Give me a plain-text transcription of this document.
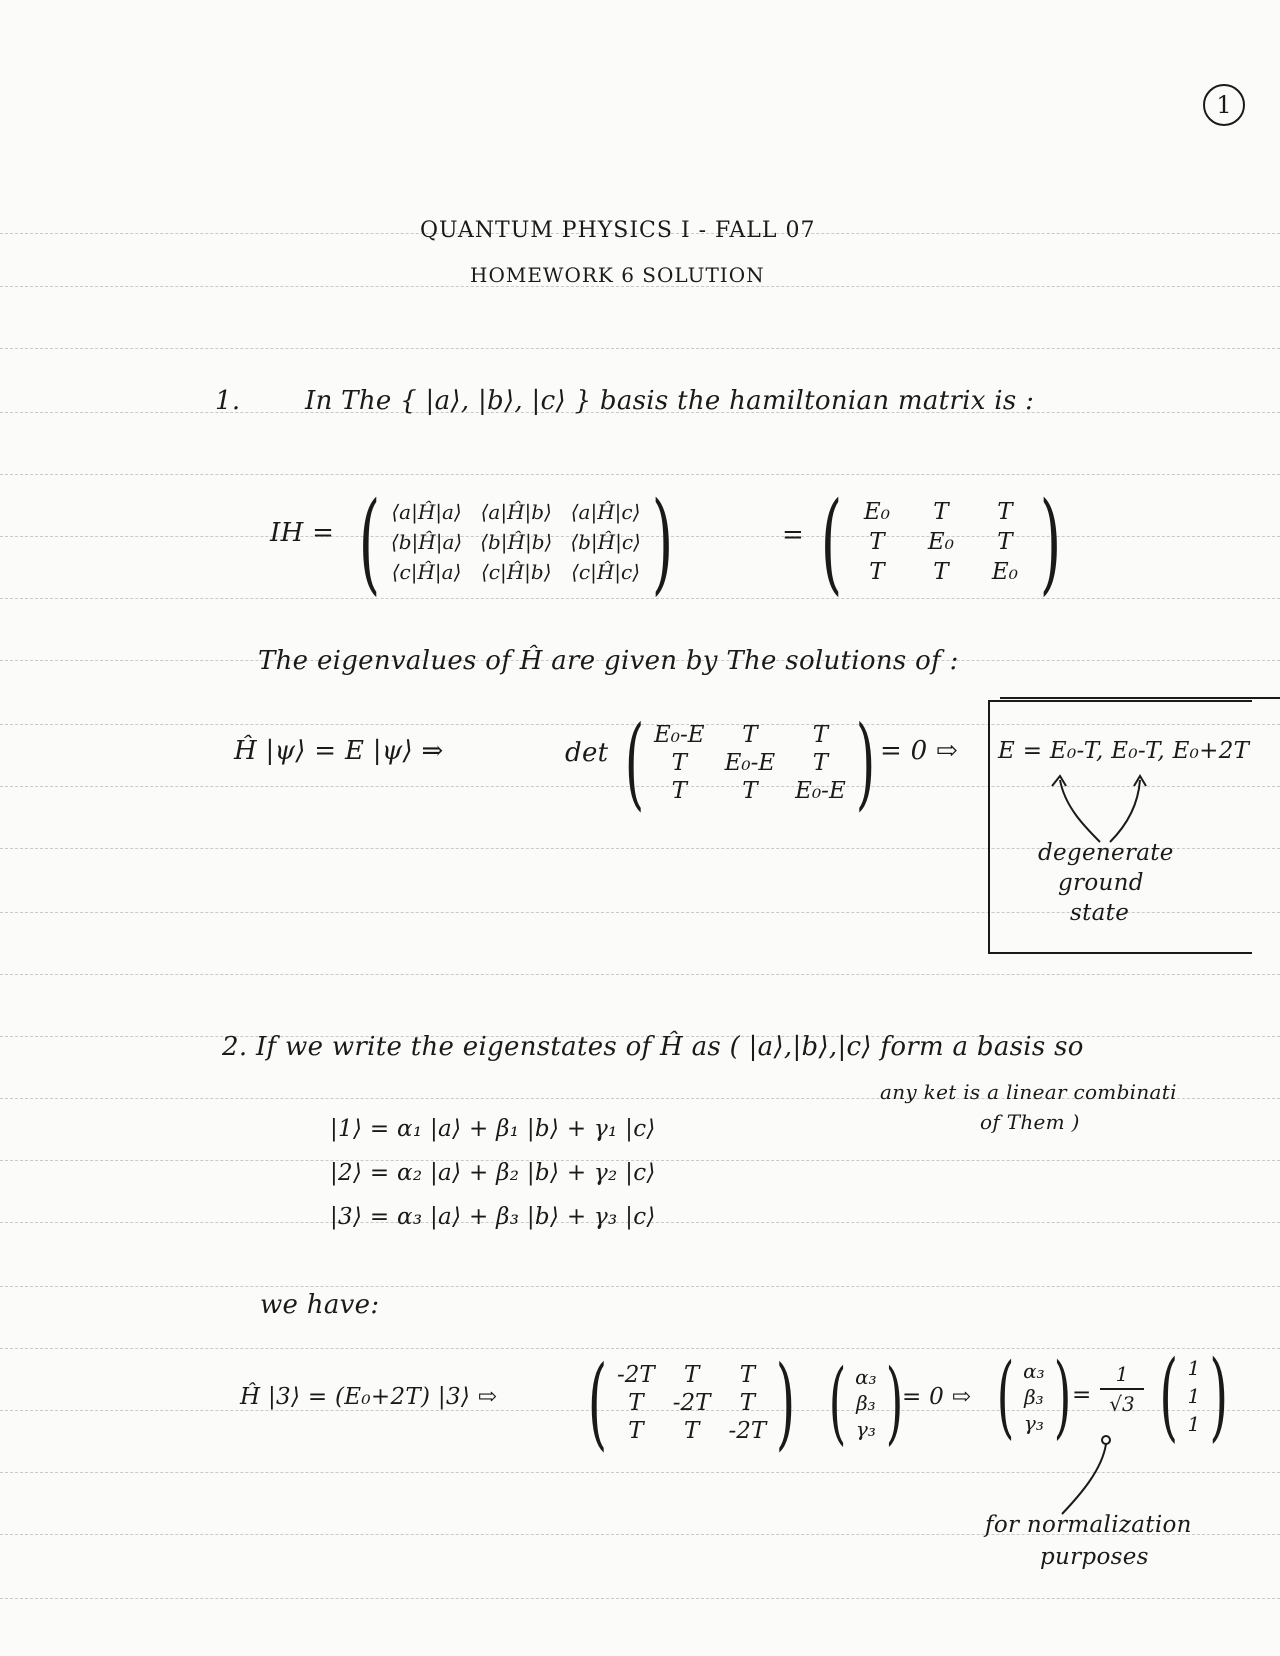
1
QUANTUM PHYSICS I - FALL 07
HOMEWORK 6 SOLUTION
1. In The { |a⟩, |b⟩, |c⟩ } basis the hamiltonian matrix is :
IH = ( ⟨a|Ĥ|a⟩ ⟨a|Ĥ|b⟩ ⟨a|Ĥ|c⟩
⟨b|Ĥ|a⟩ ⟨b|Ĥ|b⟩ ⟨b|Ĥ|c⟩
⟨c|Ĥ|a⟩ ⟨c|Ĥ|b⟩ ⟨c|Ĥ|c⟩ )	= ( E₀ T T
T E₀ T
T T E₀ )
The eigenvalues of Ĥ are given by The solutions of :
Ĥ |ψ⟩ = E |ψ⟩ ⇒	det ( E₀-E T T
T E₀-E T
T T E₀-E ) = 0 ⇨ E = E₀-T, E₀-T, E₀+2T
degenerate
ground
state
2. If we write the eigenstates of Ĥ as ( |a⟩,|b⟩,|c⟩ form a basis so
any ket is a linear combinati
of Them )
|1⟩ = α₁ |a⟩ + β₁ |b⟩ + γ₁ |c⟩
|2⟩ = α₂ |a⟩ + β₂ |b⟩ + γ₂ |c⟩
|3⟩ = α₃ |a⟩ + β₃ |b⟩ + γ₃ |c⟩
we have:
Ĥ |3⟩ = (E₀+2T) |3⟩ ⇨ ( -2T T T
T -2T T
T T -2T ) ( α₃
β₃
γ₃ ) = 0 ⇨ ( α₃
β₃
γ₃ ) = $\frac{1}{√3}$ ( 1
1
1 )
for normalization
purposes
